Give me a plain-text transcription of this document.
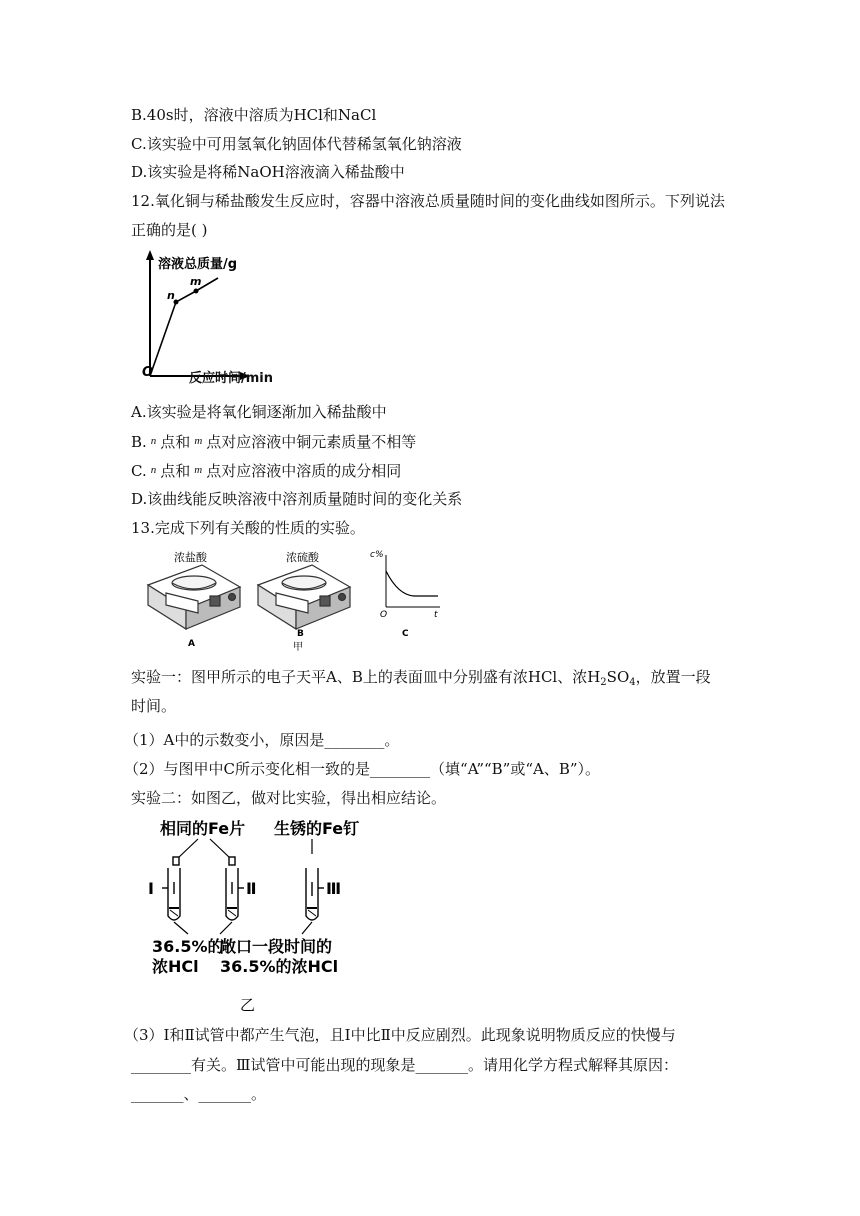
B.40s时，溶液中溶质为HCl和NaCl
C.该实验中可用氢氧化钠固体代替稀氢氧化钠溶液
D.该实验是将稀NaOH溶液滴入稀盐酸中
12.氧化铜与稀盐酸发生反应时，容器中溶液总质量随时间的变化曲线如图所示。下列说法
正确的是( )
溶液总质量/g
n
m
O	反应时间/min
A.该实验是将氧化铜逐渐加入稀盐酸中
B. $^n$ 点和 $^m$ 点对应溶液中铜元素质量不相等
C. $^n$ 点和 $^m$ 点对应溶液中溶质的成分相同
D.该曲线能反映溶液中溶剂质量随时间的变化关系
13.完成下列有关酸的性质的实验。
浓盐酸
A
浓硫酸
B
甲
c%
O	t
C
实验一：图甲所示的电子天平A、B上的表面皿中分别盛有浓HCl、浓$H_2SO_4$，放置一段
时间。
（1）A中的示数变小，原因是________。
（2）与图甲中C所示变化相一致的是________（填“A”“B”或“A、B”）。
实验二：如图乙，做对比实验，得出相应结论。
相同的Fe片 生锈的Fe钉
I	Ⅱ	Ⅲ
36.5%的
浓HCl
敞口一段时间的
36.5%的浓HCl
乙
（3）I和Ⅱ试管中都产生气泡，且I中比Ⅱ中反应剧烈。此现象说明物质反应的快慢与
________有关。Ⅲ试管中可能出现的现象是_______。请用化学方程式解释其原因：
_______、_______。
